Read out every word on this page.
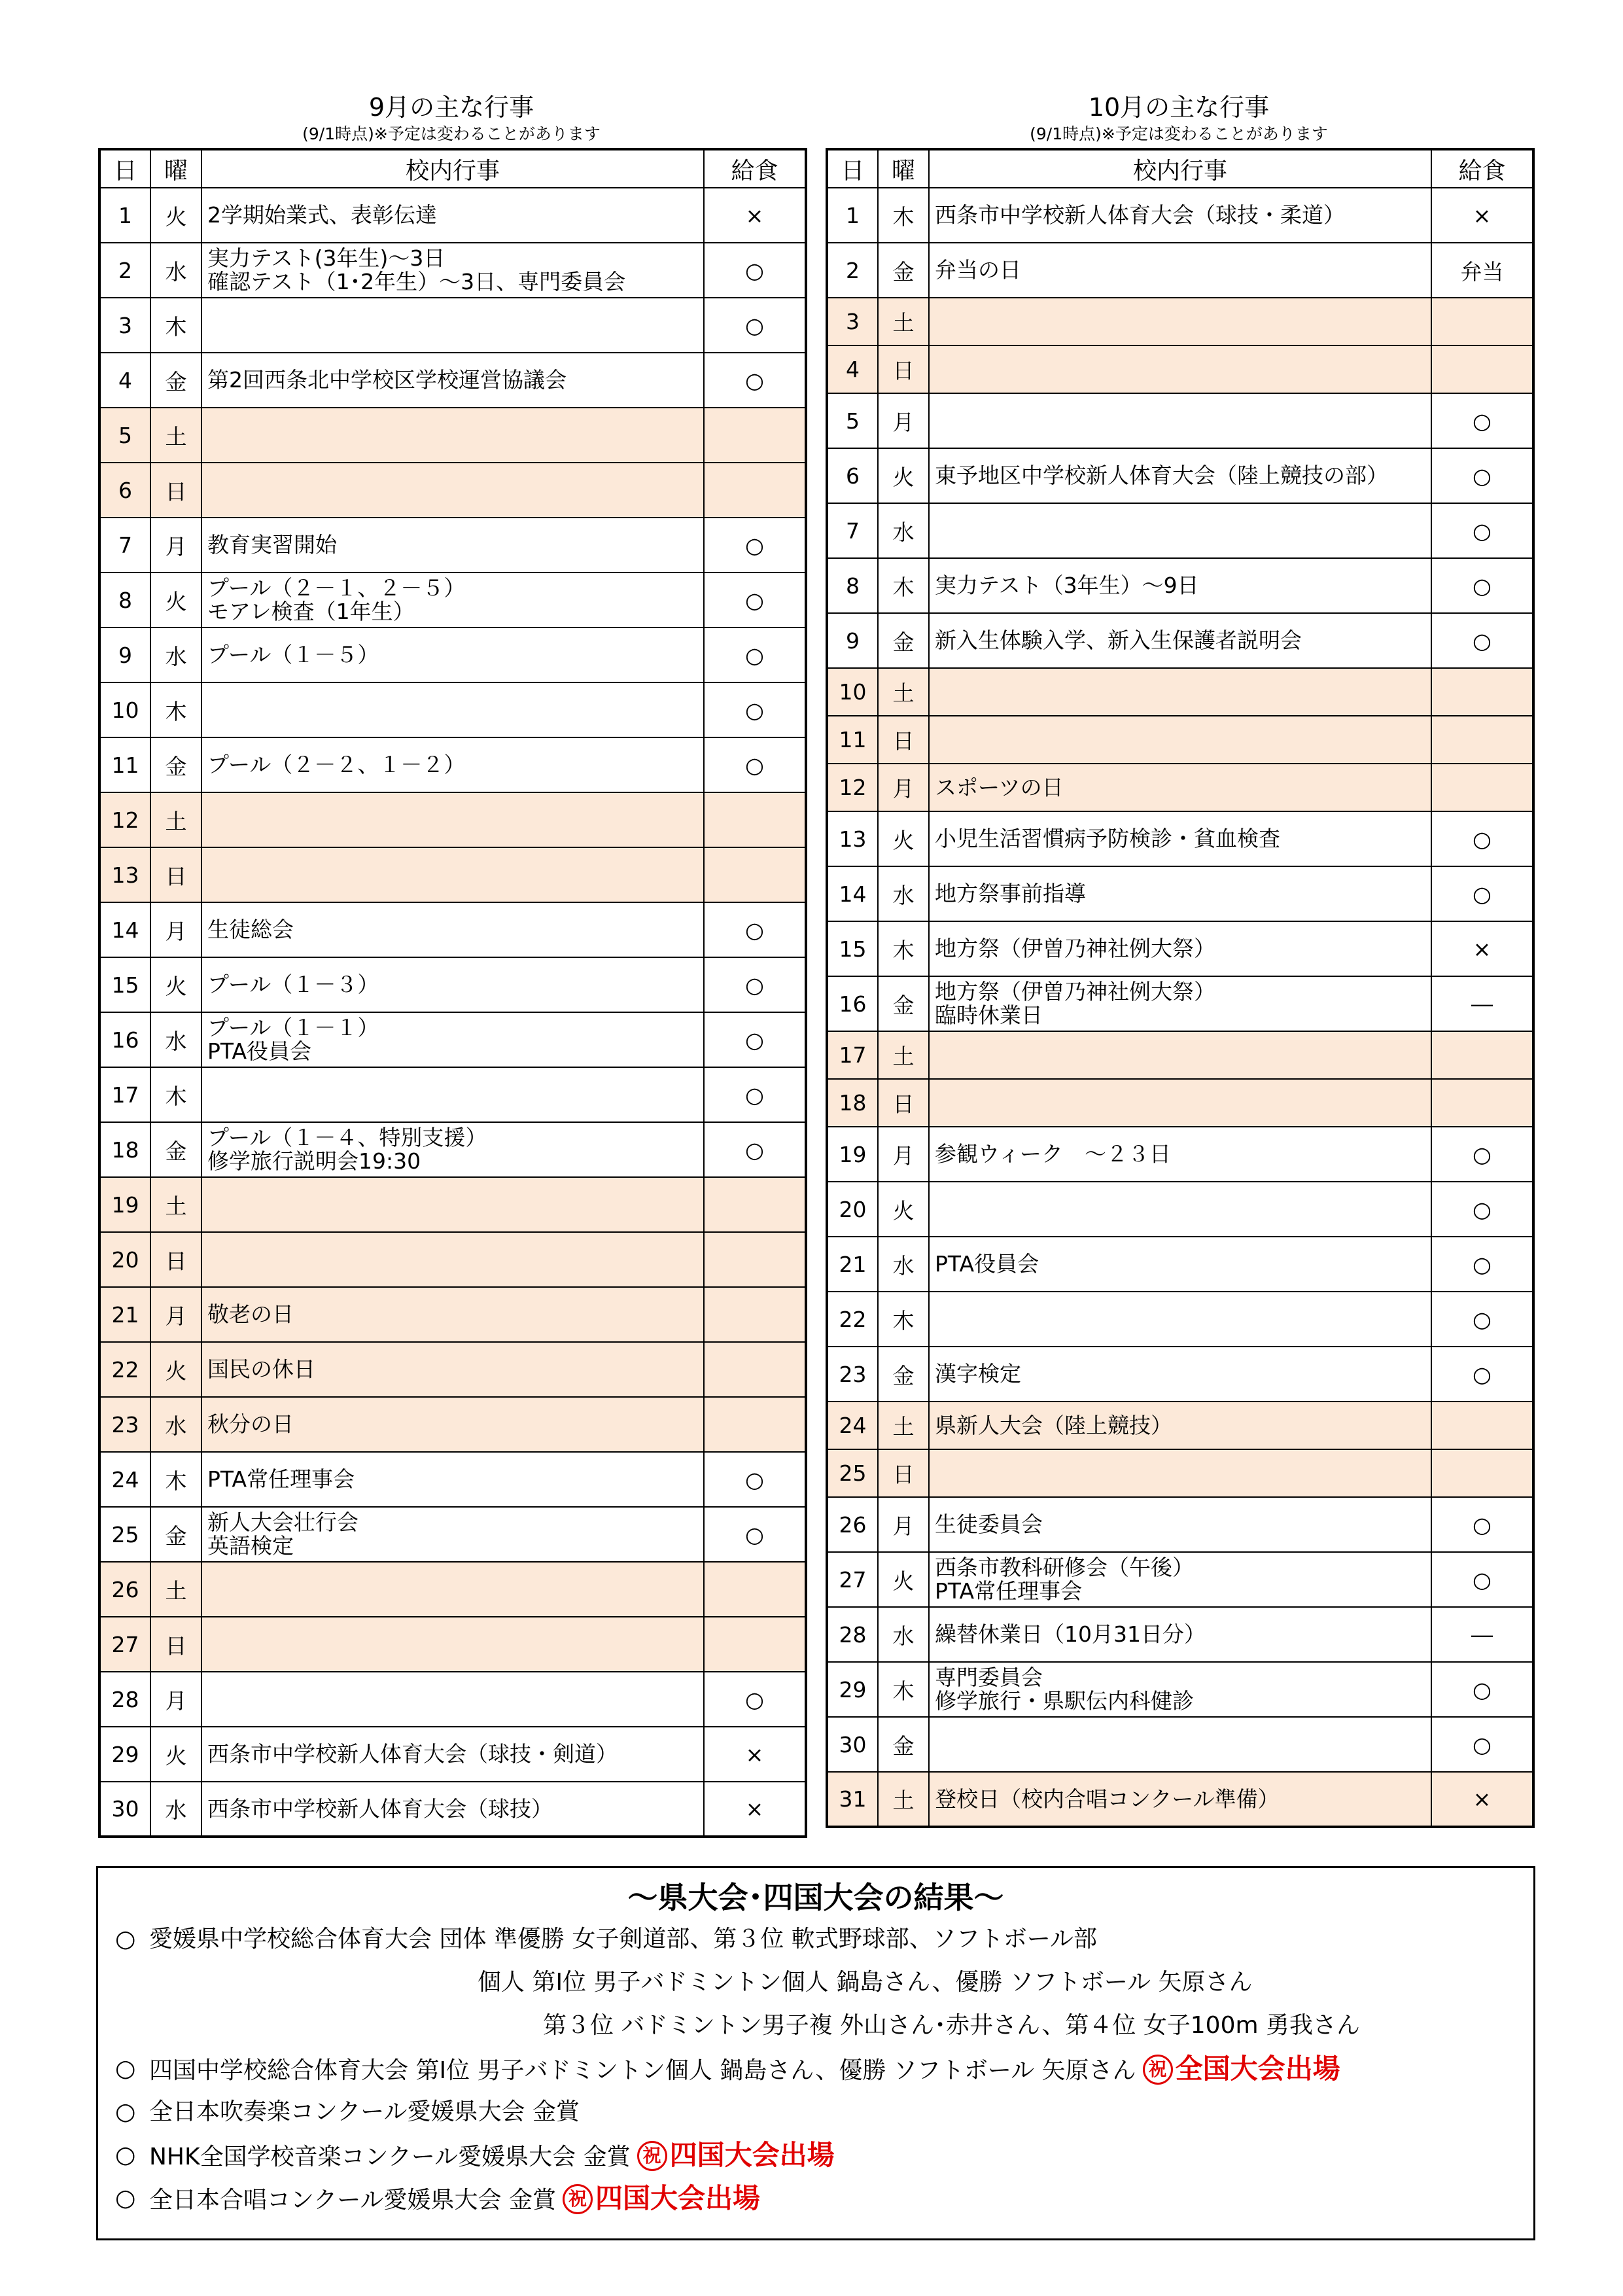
9月の主な行事
(9/1時点)※予定は変わることがあります
日	曜	校内行事	給食
1	火	2学期始業式、表彰伝達	×
2	水	実力テスト(3年生)～3日
確認テスト（1･2年生）～3日、専門委員会	○
3	木		○
4	金	第2回西条北中学校区学校運営協議会	○
5	土		
6	日		
7	月	教育実習開始	○
8	火	プール（２－１、２－５）
モアレ検査（1年生）	○
9	水	プール（１－５）	○
10	木		○
11	金	プール（２－２、１－２）	○
12	土		
13	日		
14	月	生徒総会	○
15	火	プール（１－３）	○
16	水	プール（１－１）
PTA役員会	○
17	木		○
18	金	プール（１－４、特別支援）
修学旅行説明会19:30	○
19	土		
20	日		
21	月	敬老の日	

22	火	国民の休日	

23	水	秋分の日	

24	木	PTA常任理事会	○
25	金	新人大会壮行会
英語検定	○
26	土		
27	日		
28	月		○
29	火	西条市中学校新人体育大会（球技・剣道）	×
30	水	西条市中学校新人体育大会（球技）	×
10月の主な行事
(9/1時点)※予定は変わることがあります
日	曜	校内行事	給食
1	木	西条市中学校新人体育大会（球技・柔道）	×
2	金	弁当の日	弁当
3	土		
4	日		
5	月		○
6	火	東予地区中学校新人体育大会（陸上競技の部）	○
7	水		○
8	木	実力テスト（3年生）～9日	○
9	金	新入生体験入学、新入生保護者説明会	○
10	土		
11	日		
12	月	スポーツの日	

13	火	小児生活習慣病予防検診・貧血検査	○
14	水	地方祭事前指導	○
15	木	地方祭（伊曽乃神社例大祭）	×
16	金	地方祭（伊曽乃神社例大祭）
臨時休業日	―
17	土		
18	日		
19	月	参観ウィーク　～２３日	○
20	火		○
21	水	PTA役員会	○
22	木		○
23	金	漢字検定	○
24	土	県新人大会（陸上競技）	

25	日		
26	月	生徒委員会	○
27	火	西条市教科研修会（午後）
PTA常任理事会	○
28	水	繰替休業日（10月31日分）	―
29	木	専門委員会
修学旅行・県駅伝内科健診	○
30	金		○
31	土	登校日（校内合唱コンクール準備）	×
～県大会･四国大会の結果～
○ 愛媛県中学校総合体育大会 団体 準優勝 女子剣道部、第３位 軟式野球部、ソフトボール部
個人 第Ⅰ位 男子バドミントン個人 鍋島さん、優勝 ソフトボール 矢原さん
第３位 バドミントン男子複 外山さん･赤井さん、第４位 女子100m 勇我さん
○ 四国中学校総合体育大会 第Ⅰ位 男子バドミントン個人 鍋島さん、優勝 ソフトボール 矢原さん 祝 全国大会出場
○ 全日本吹奏楽コンクール愛媛県大会 金賞
○ NHK全国学校音楽コンクール愛媛県大会 金賞 祝 四国大会出場
○ 全日本合唱コンクール愛媛県大会 金賞 祝 四国大会出場
